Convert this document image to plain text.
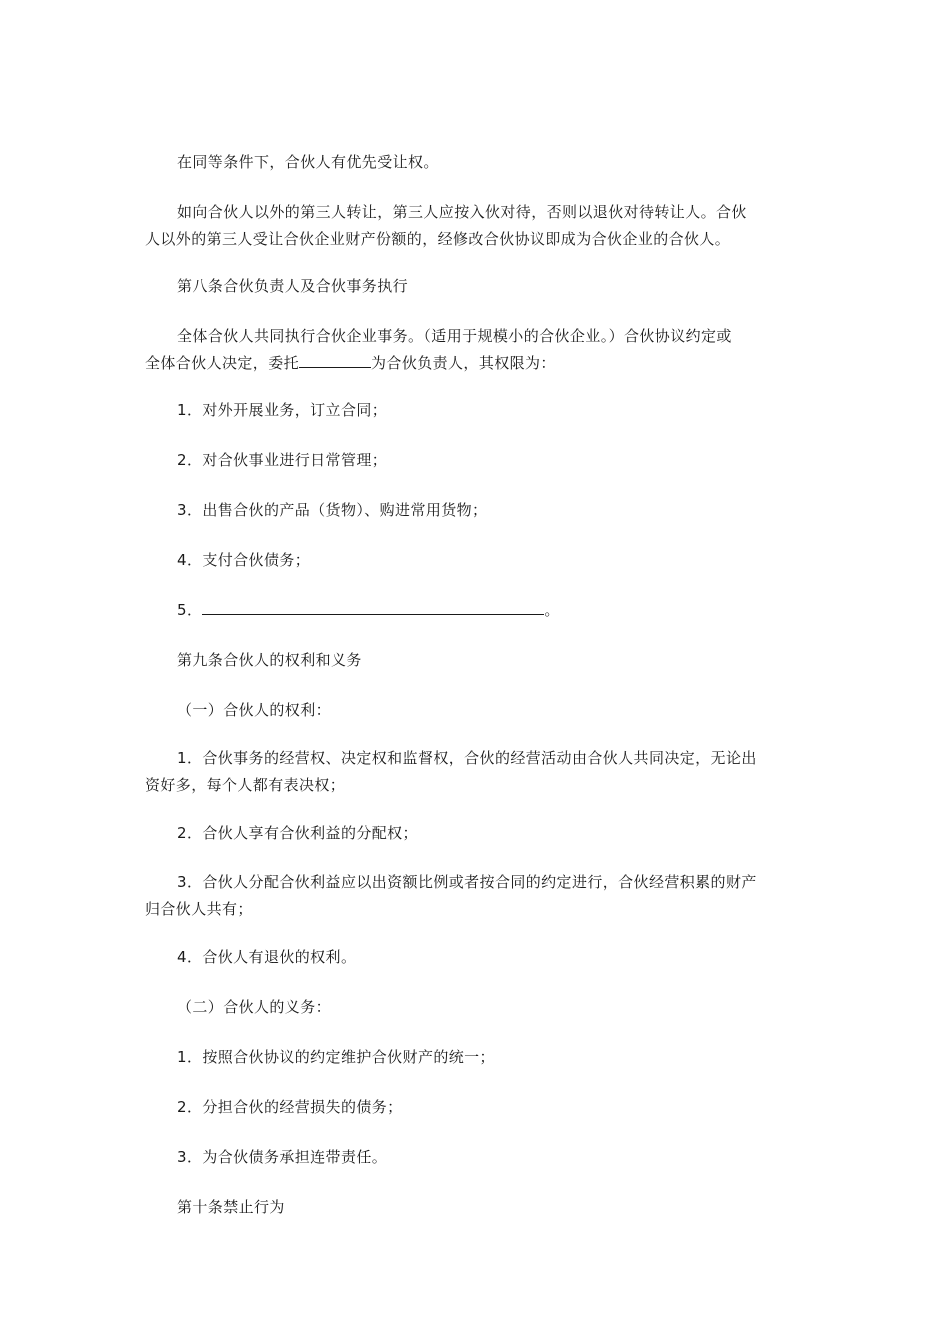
在同等条件下，合伙人有优先受让权。

如向合伙人以外的第三人转让，第三人应按入伙对待，否则以退伙对待转让人。合伙
人以外的第三人受让合伙企业财产份额的，经修改合伙协议即成为合伙企业的合伙人。

第八条合伙负责人及合伙事务执行

全体合伙人共同执行合伙企业事务。（适用于规模小的合伙企业。）合伙协议约定或
全体合伙人决定，委托	为合伙负责人，其权限为：

1．对外开展业务，订立合同；

2．对合伙事业进行日常管理；

3．出售合伙的产品（货物）、购进常用货物；

4．支付合伙债务；

5．	。

第九条合伙人的权利和义务

（一）合伙人的权利：

1．合伙事务的经营权、决定权和监督权，合伙的经营活动由合伙人共同决定，无论出
资好多，每个人都有表决权；

2．合伙人享有合伙利益的分配权；

3．合伙人分配合伙利益应以出资额比例或者按合同的约定进行，合伙经营积累的财产
归合伙人共有；

4．合伙人有退伙的权利。

（二）合伙人的义务：

1．按照合伙协议的约定维护合伙财产的统一；

2．分担合伙的经营损失的债务；

3．为合伙债务承担连带责任。

第十条禁止行为
